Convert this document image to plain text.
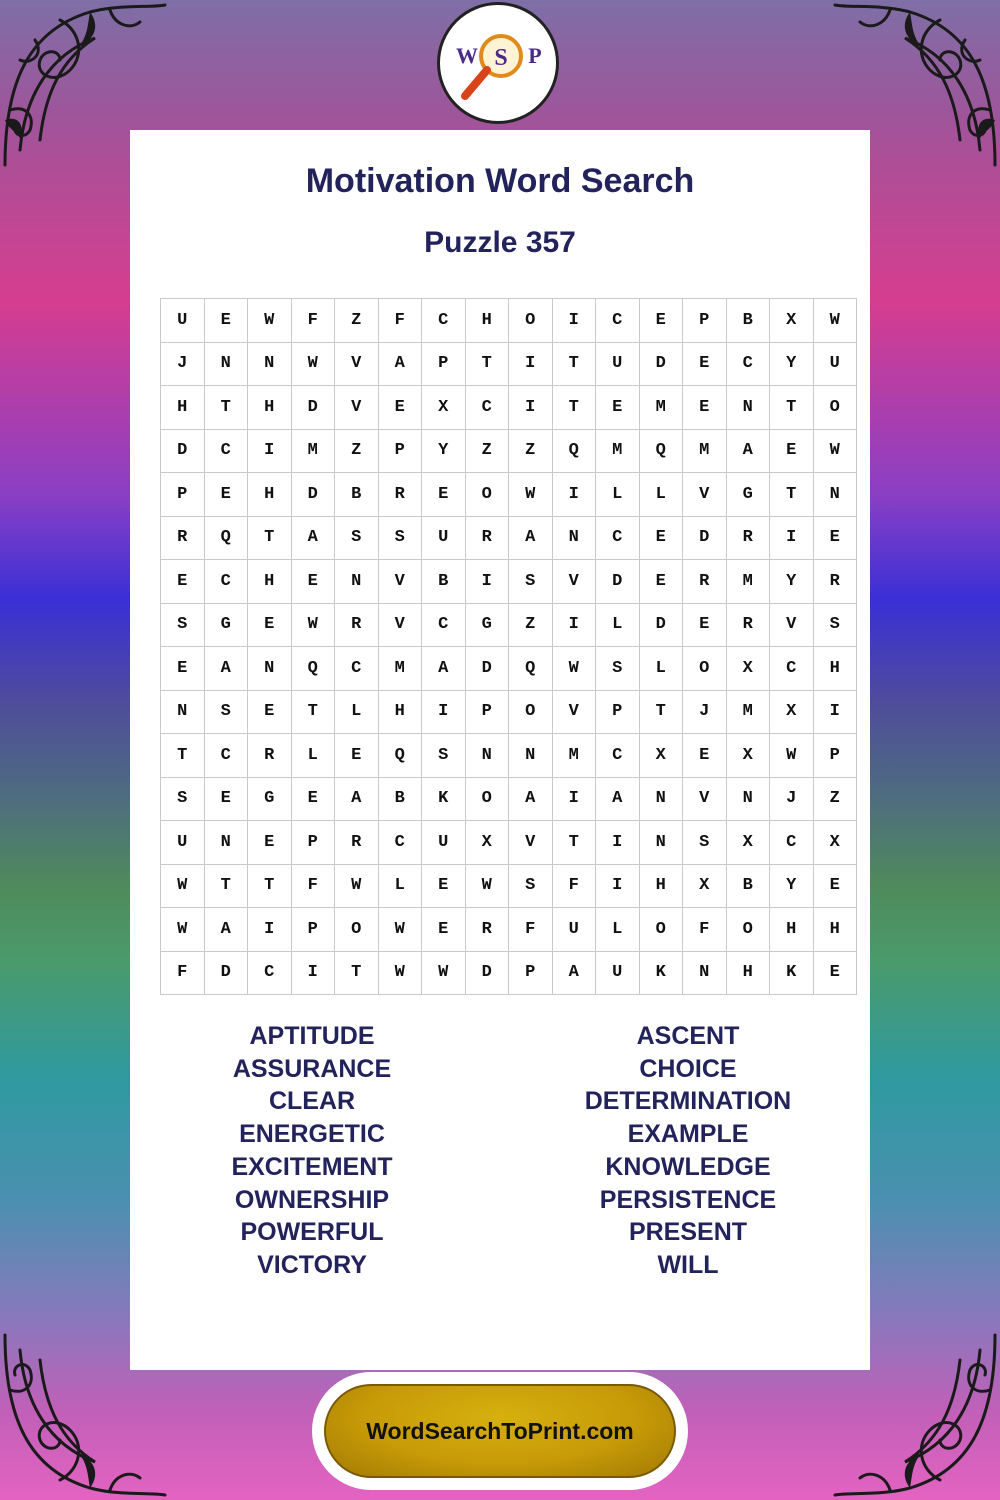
W S P
Motivation Word Search
Puzzle 357
U	E	W	F	Z	F	C	H	O	I	C	E	P	B	X	W
J	N	N	W	V	A	P	T	I	T	U	D	E	C	Y	U
H	T	H	D	V	E	X	C	I	T	E	M	E	N	T	O
D	C	I	M	Z	P	Y	Z	Z	Q	M	Q	M	A	E	W
P	E	H	D	B	R	E	O	W	I	L	L	V	G	T	N
R	Q	T	A	S	S	U	R	A	N	C	E	D	R	I	E
E	C	H	E	N	V	B	I	S	V	D	E	R	M	Y	R
S	G	E	W	R	V	C	G	Z	I	L	D	E	R	V	S
E	A	N	Q	C	M	A	D	Q	W	S	L	O	X	C	H
N	S	E	T	L	H	I	P	O	V	P	T	J	M	X	I
T	C	R	L	E	Q	S	N	N	M	C	X	E	X	W	P
S	E	G	E	A	B	K	O	A	I	A	N	V	N	J	Z
U	N	E	P	R	C	U	X	V	T	I	N	S	X	C	X
W	T	T	F	W	L	E	W	S	F	I	H	X	B	Y	E
W	A	I	P	O	W	E	R	F	U	L	O	F	O	H	H
F	D	C	I	T	W	W	D	P	A	U	K	N	H	K	E
APTITUDE
ASSURANCE
CLEAR
ENERGETIC
EXCITEMENT
OWNERSHIP
POWERFUL
VICTORY
ASCENT
CHOICE
DETERMINATION
EXAMPLE
KNOWLEDGE
PERSISTENCE
PRESENT
WILL
WordSearchToPrint.com
